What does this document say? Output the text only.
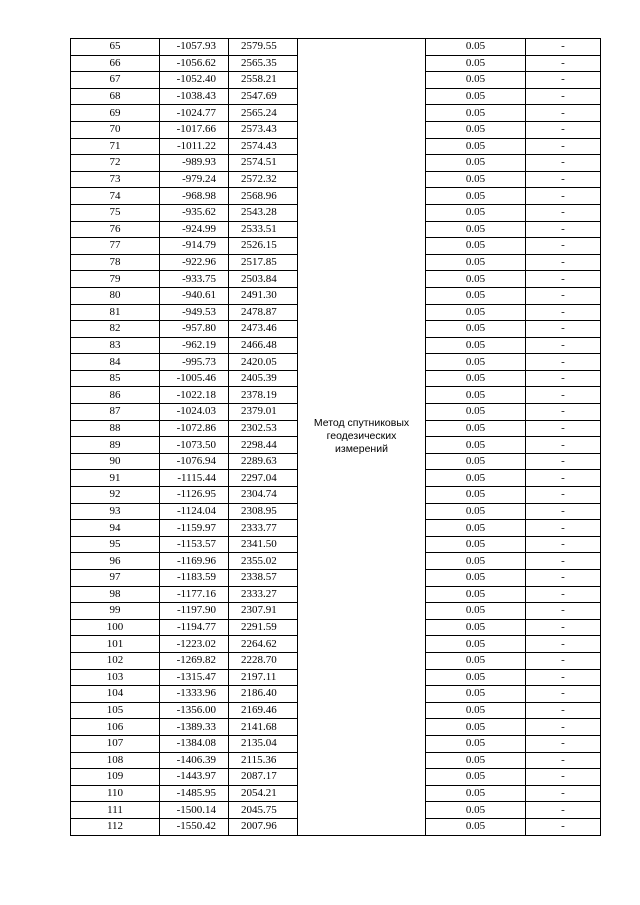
65	-1057.93	2579.55	Метод спутниковых геодезических измерений	0.05	-
66	-1056.62	2565.35		0.05	-
67	-1052.40	2558.21		0.05	-
68	-1038.43	2547.69		0.05	-
69	-1024.77	2565.24		0.05	-
70	-1017.66	2573.43		0.05	-
71	-1011.22	2574.43		0.05	-
72	-989.93	2574.51		0.05	-
73	-979.24	2572.32		0.05	-
74	-968.98	2568.96		0.05	-
75	-935.62	2543.28		0.05	-
76	-924.99	2533.51		0.05	-
77	-914.79	2526.15		0.05	-
78	-922.96	2517.85		0.05	-
79	-933.75	2503.84		0.05	-
80	-940.61	2491.30		0.05	-
81	-949.53	2478.87		0.05	-
82	-957.80	2473.46		0.05	-
83	-962.19	2466.48		0.05	-
84	-995.73	2420.05		0.05	-
85	-1005.46	2405.39		0.05	-
86	-1022.18	2378.19		0.05	-
87	-1024.03	2379.01		0.05	-
88	-1072.86	2302.53		0.05	-
89	-1073.50	2298.44		0.05	-
90	-1076.94	2289.63		0.05	-
91	-1115.44	2297.04		0.05	-
92	-1126.95	2304.74		0.05	-
93	-1124.04	2308.95		0.05	-
94	-1159.97	2333.77		0.05	-
95	-1153.57	2341.50		0.05	-
96	-1169.96	2355.02		0.05	-
97	-1183.59	2338.57		0.05	-
98	-1177.16	2333.27		0.05	-
99	-1197.90	2307.91		0.05	-
100	-1194.77	2291.59		0.05	-
101	-1223.02	2264.62		0.05	-
102	-1269.82	2228.70		0.05	-
103	-1315.47	2197.11		0.05	-
104	-1333.96	2186.40		0.05	-
105	-1356.00	2169.46		0.05	-
106	-1389.33	2141.68		0.05	-
107	-1384.08	2135.04		0.05	-
108	-1406.39	2115.36		0.05	-
109	-1443.97	2087.17		0.05	-
110	-1485.95	2054.21		0.05	-
111	-1500.14	2045.75		0.05	-
112	-1550.42	2007.96		0.05	-
